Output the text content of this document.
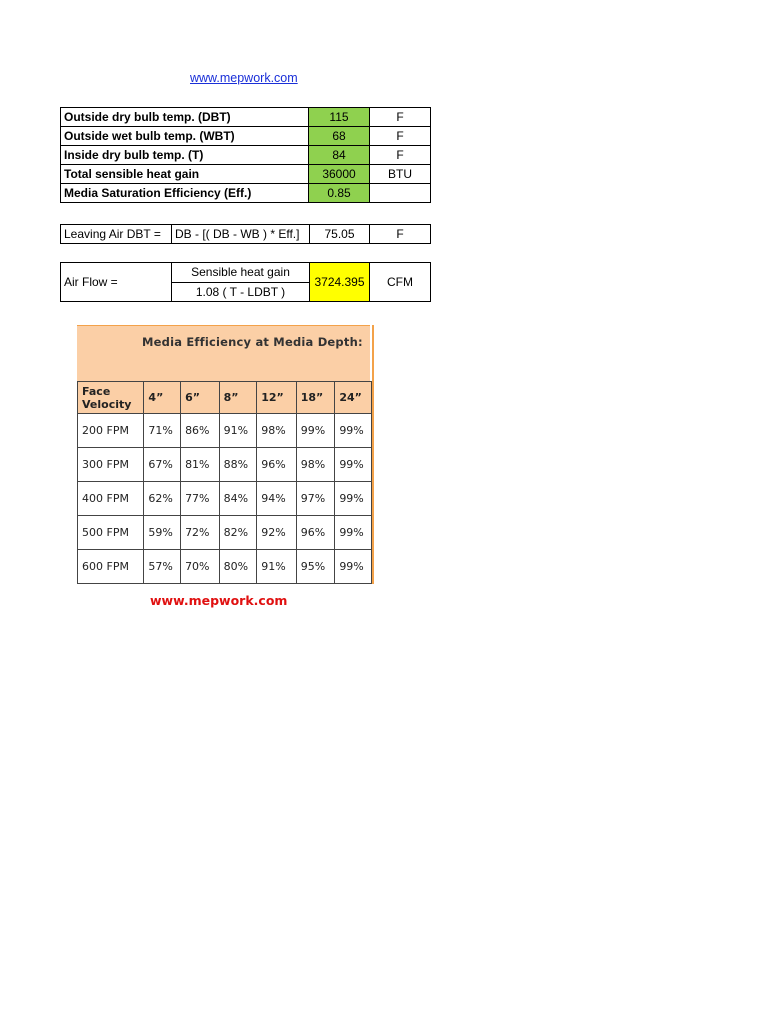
www.mepwork.com
Outside dry bulb temp. (DBT)	115	F
Outside wet bulb temp. (WBT)	68	F
Inside dry bulb temp. (T)	84	F
Total sensible heat gain	36000	BTU
Media Saturation Efficiency (Eff.)	0.85	
Leaving Air DBT =	DB - [( DB - WB ) * Eff.]	75.05	F
Air Flow =	Sensible heat gain	3724.395	CFM
1.08 ( T - LDBT )
Media Efficiency at Media Depth:
Face
Velocity	4”	6”	8”	12”	18”	24”
200 FPM	71%	86%	91%	98%	99%	99%
300 FPM	67%	81%	88%	96%	98%	99%
400 FPM	62%	77%	84%	94%	97%	99%
500 FPM	59%	72%	82%	92%	96%	99%
600 FPM	57%	70%	80%	91%	95%	99%
www.mepwork.com
